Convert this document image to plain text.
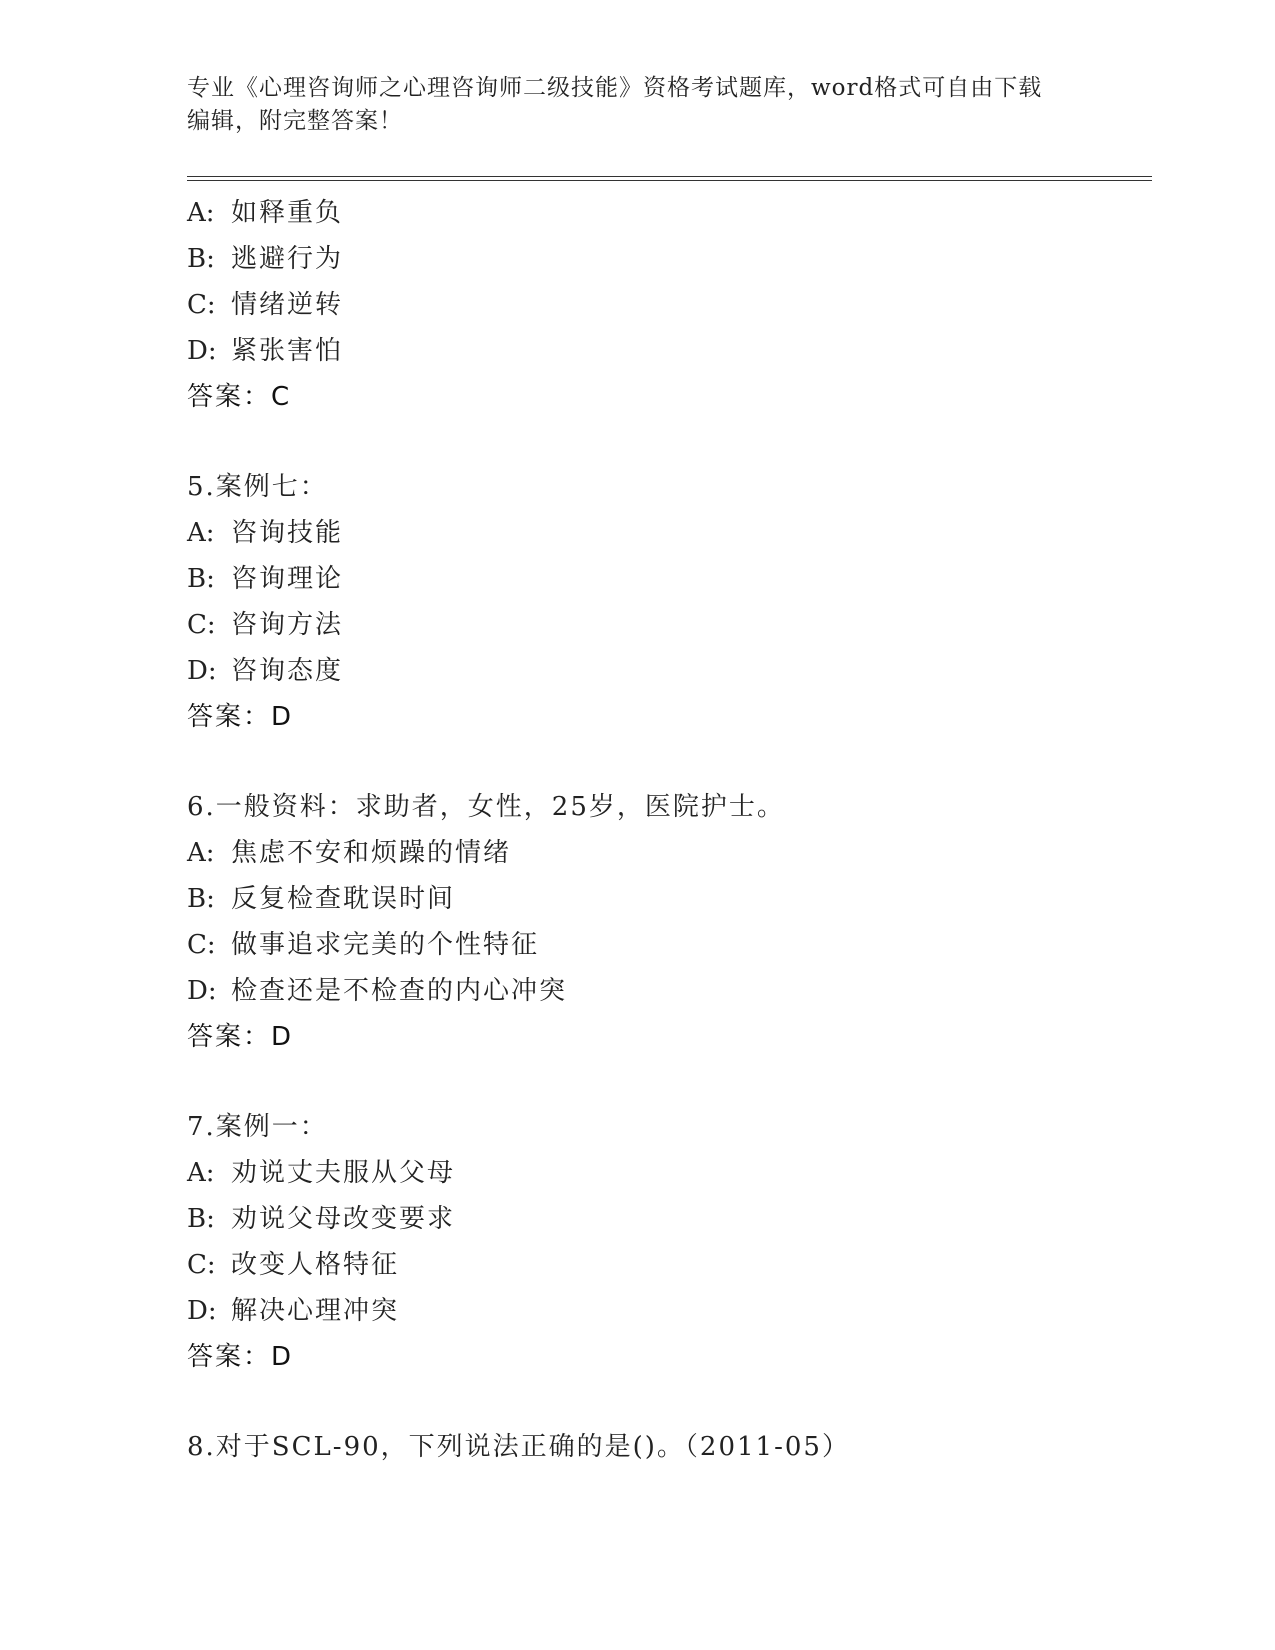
专业《心理咨询师之心理咨询师二级技能》资格考试题库，word格式可自由下载
编辑，附完整答案！
A: 如释重负
B: 逃避行为
C: 情绪逆转
D: 紧张害怕
答案：C
5.案例七：
A: 咨询技能
B: 咨询理论
C: 咨询方法
D: 咨询态度
答案：D
6.一般资料：求助者，女性，25岁，医院护士。
A: 焦虑不安和烦躁的情绪
B: 反复检查耽误时间
C: 做事追求完美的个性特征
D: 检查还是不检查的内心冲突
答案：D
7.案例一：
A: 劝说丈夫服从父母
B: 劝说父母改变要求
C: 改变人格特征
D: 解决心理冲突
答案：D
8.对于SCL-90，下列说法正确的是()。（2011-05）
